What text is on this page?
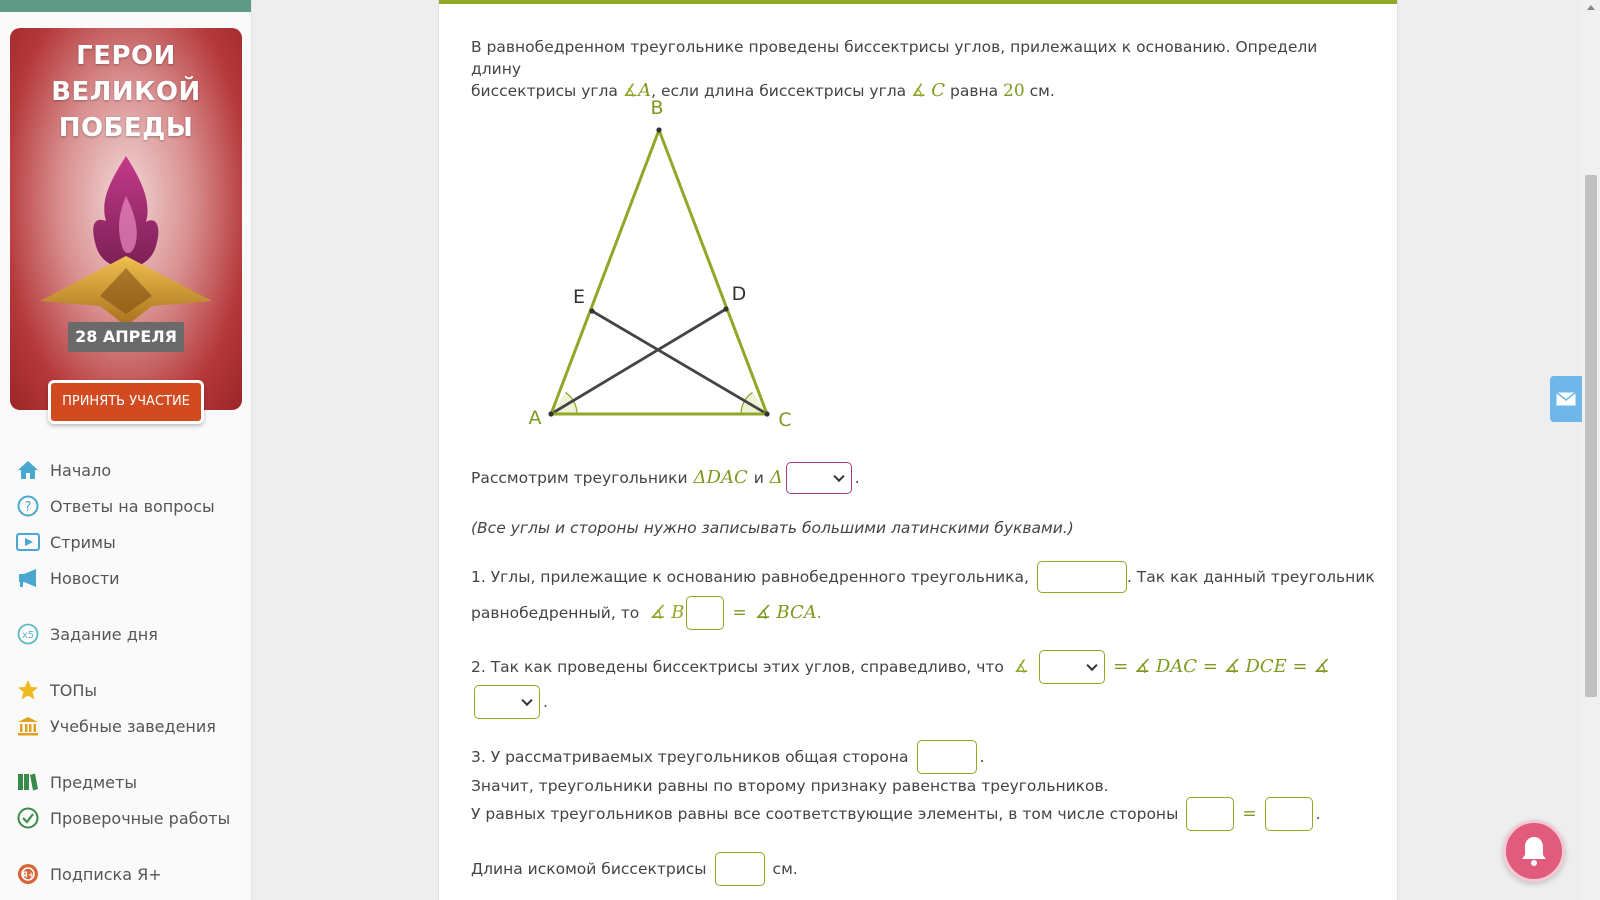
ГЕРОИ
ВЕЛИКОЙ
ПОБЕДЫ
28 АПРЕЛЯ
ПРИНЯТЬ УЧАСТИЕ
Начало
? Ответы на вопросы
Стримы
Новости
x5 Задание дня
ТОПы
Учебные заведения
Предметы
Проверочные работы
Я+ Подписка Я+
В равнобедренном треугольнике проведены биссектрисы углов, прилежащих к основанию. Определи длину
биссектрисы угла ∡A, если длина биссектрисы угла ∡ C равна 20 см.
B
E	D
A	C
Рассмотрим треугольники ΔDAC и Δ	.
(Все углы и стороны нужно записывать большими латинскими буквами.)
1. Углы, прилежащие к основанию равнобедренного треугольника,	. Так как данный треугольник
равнобедренный, то ∡ B	= ∡ BCA .
2. Так как проведены биссектрисы этих углов, справедливо, что ∡	= ∡ DAC = ∡ DCE = ∡
.
3. У рассматриваемых треугольников общая сторона	.
Значит, треугольники равны по второму признаку равенства треугольников.
У равных треугольников равны все соответствующие элементы, в том числе стороны	=	.
Длина искомой биссектрисы	см.
